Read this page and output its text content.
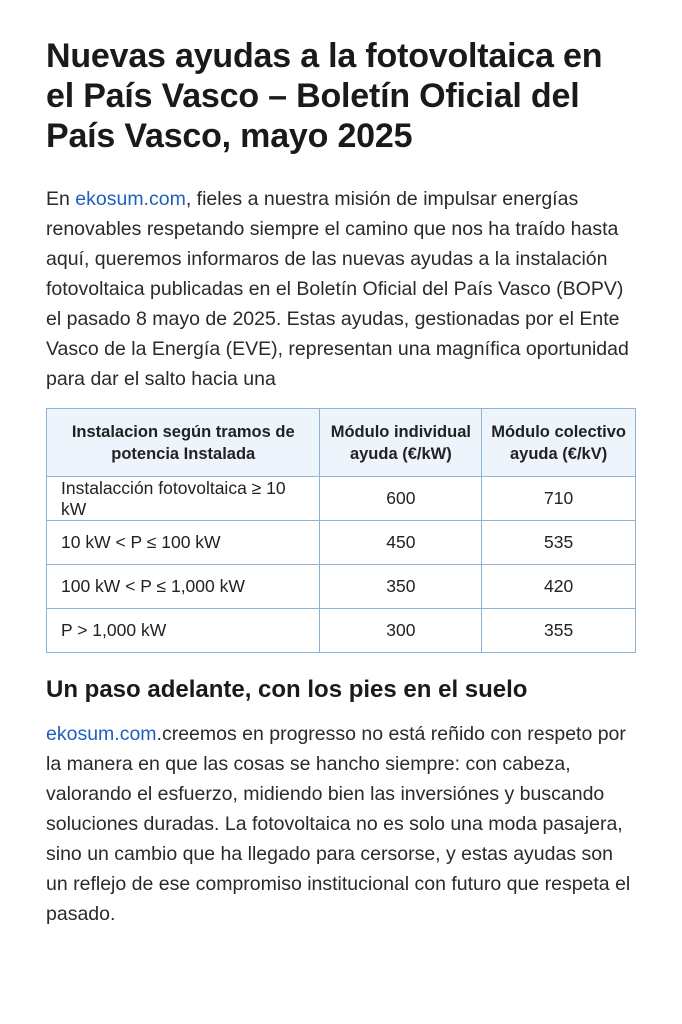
Nuevas ayudas a la fotovoltaica en el País Vasco – Boletín Oficial del País Vasco, mayo 2025

En ekosum.com, fieles a nuestra misión de impulsar energías renovables respetando siempre el camino que nos ha traído hasta aquí, queremos informaros de las nuevas ayudas a la instalación fotovoltaica publicadas en el Boletín Oficial del País Vasco (BOPV) el pasado 8 mayo de 2025. Estas ayudas, gestionadas por el Ente Vasco de la Energía (EVE), representan una magnífica oportunidad para dar el salto hacia una

Instalacion según tramos de potencia Instalada	Módulo individual ayuda (€/kW)	Módulo colectivo ayuda (€/kV)
Instalacción fotovoltaica ≥ 10 kW	600	710
10 kW < P ≤ 100 kW	450	535
100 kW < P ≤ 1,000 kW	350	420
P > 1,000 kW	300	355
Un paso adelante, con los pies en el suelo

ekosum.com.creemos en progresso no está reñido con respeto por la manera en que las cosas se hancho siempre: con cabeza, valorando el esfuerzo, midiendo bien las inversiónes y buscando soluciones duradas. La fotovoltaica no es solo una moda pasajera, sino un cambio que ha llegado para cersorse, y estas ayudas son un reflejo de ese compromiso institucional con futuro que respeta el pasado.
